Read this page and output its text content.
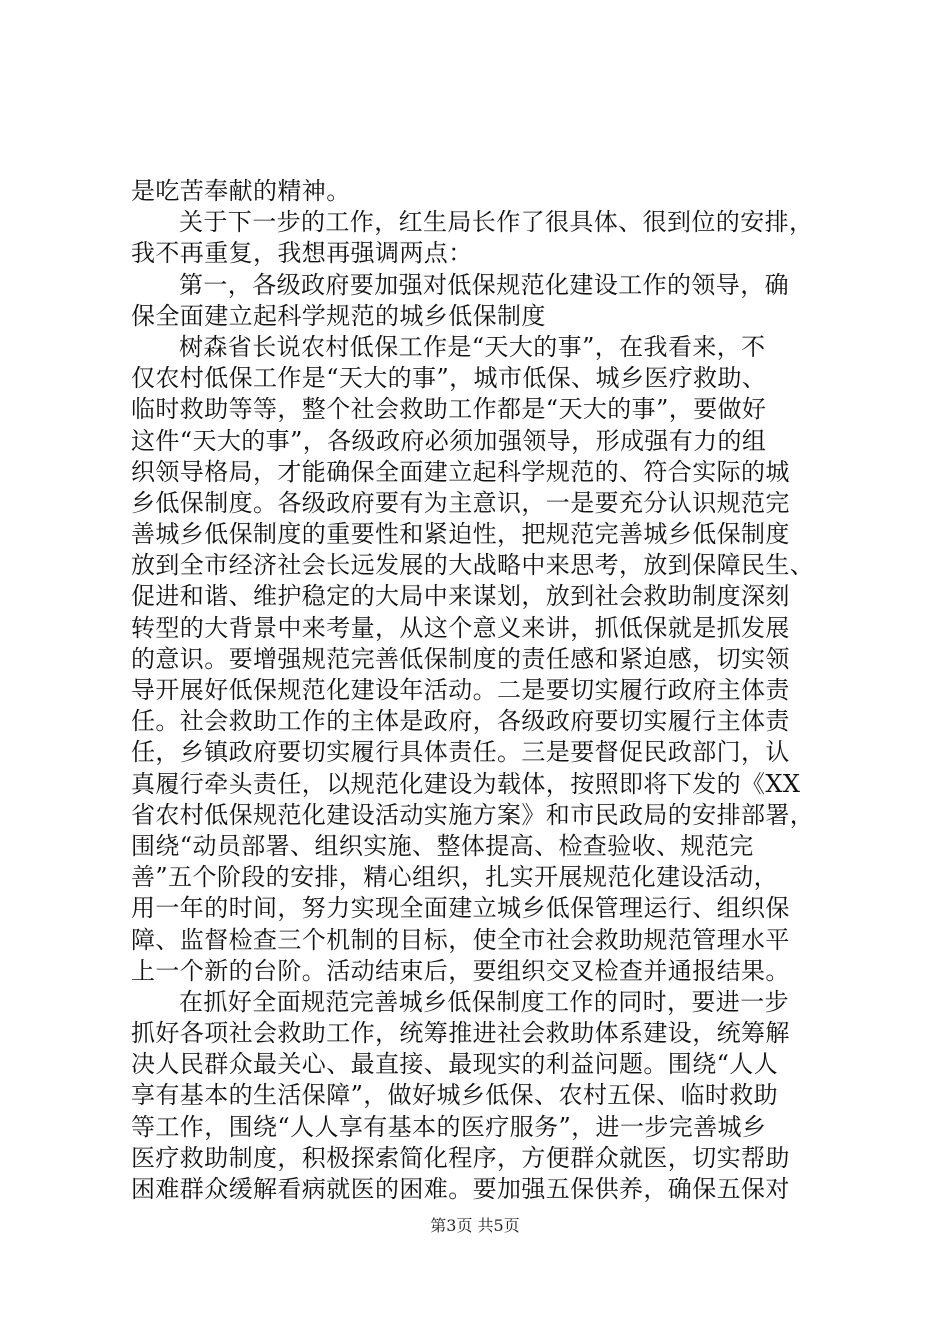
是吃苦奉献的精神。
关于下一步的工作，红生局长作了很具体、很到位的安排，
我不再重复，我想再强调两点：
第一，各级政府要加强对低保规范化建设工作的领导，确
保全面建立起科学规范的城乡低保制度
树森省长说农村低保工作是“天大的事”，在我看来，不
仅农村低保工作是“天大的事”，城市低保、城乡医疗救助、
临时救助等等，整个社会救助工作都是“天大的事”，要做好
这件“天大的事”，各级政府必须加强领导，形成强有力的组
织领导格局，才能确保全面建立起科学规范的、符合实际的城
乡低保制度。各级政府要有为主意识，一是要充分认识规范完
善城乡低保制度的重要性和紧迫性，把规范完善城乡低保制度
放到全市经济社会长远发展的大战略中来思考，放到保障民生、
促进和谐、维护稳定的大局中来谋划，放到社会救助制度深刻
转型的大背景中来考量，从这个意义来讲，抓低保就是抓发展
的意识。要增强规范完善低保制度的责任感和紧迫感，切实领
导开展好低保规范化建设年活动。二是要切实履行政府主体责
任。社会救助工作的主体是政府，各级政府要切实履行主体责
任，乡镇政府要切实履行具体责任。三是要督促民政部门，认
真履行牵头责任，以规范化建设为载体，按照即将下发的《XX
省农村低保规范化建设活动实施方案》和市民政局的安排部署，
围绕“动员部署、组织实施、整体提高、检查验收、规范完
善”五个阶段的安排，精心组织，扎实开展规范化建设活动，
用一年的时间，努力实现全面建立城乡低保管理运行、组织保
障、监督检查三个机制的目标，使全市社会救助规范管理水平
上一个新的台阶。活动结束后，要组织交叉检查并通报结果。
在抓好全面规范完善城乡低保制度工作的同时，要进一步
抓好各项社会救助工作，统筹推进社会救助体系建设，统筹解
决人民群众最关心、最直接、最现实的利益问题。围绕“人人
享有基本的生活保障”，做好城乡低保、农村五保、临时救助
等工作，围绕“人人享有基本的医疗服务”，进一步完善城乡
医疗救助制度，积极探索简化程序，方便群众就医，切实帮助
困难群众缓解看病就医的困难。要加强五保供养，确保五保对
第3页 共5页
